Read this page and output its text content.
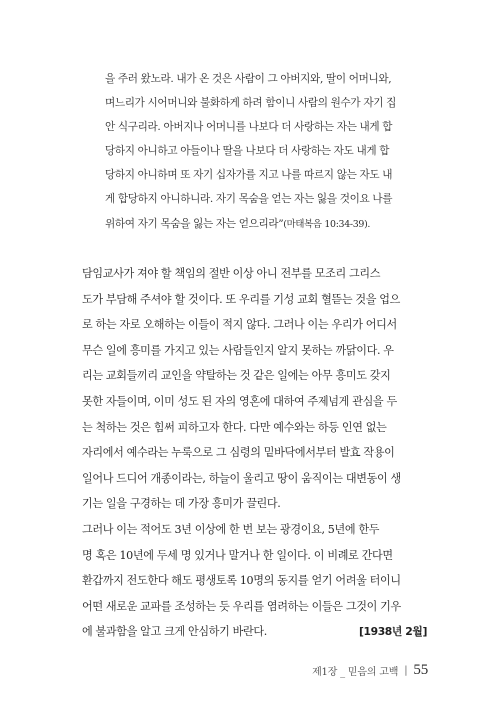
을 주러 왔노라. 내가 온 것은 사람이 그 아버지와, 딸이 어머니와,
며느리가 시어머니와 불화하게 하려 함이니 사람의 원수가 자기 집
안 식구리라. 아버지나 어머니를 나보다 더 사랑하는 자는 내게 합
당하지 아니하고 아들이나 딸을 나보다 더 사랑하는 자도 내게 합
당하지 아니하며 또 자기 십자가를 지고 나를 따르지 않는 자도 내
게 합당하지 아니하니라. 자기 목숨을 얻는 자는 잃을 것이요 나를
위하여 자기 목숨을 잃는 자는 얻으리라”(마태복음 10:34-39).
담임교사가 져야 할 책임의 절반 이상 아니 전부를 모조리 그리스
도가 부담해 주셔야 할 것이다. 또 우리를 기성 교회 혈뜯는 것을 업으
로 하는 자로 오해하는 이들이 적지 않다. 그러나 이는 우리가 어디서
무슨 일에 흥미를 가지고 있는 사람들인지 알지 못하는 까닭이다. 우
리는 교회들끼리 교인을 약탈하는 것 같은 일에는 아무 흥미도 갖지
못한 자들이며, 이미 성도 된 자의 영혼에 대하여 주제넘게 관심을 두
는 척하는 것은 힘써 피하고자 한다. 다만 예수와는 하등 인연 없는
자리에서 예수라는 누룩으로 그 심령의 밑바닥에서부터 발효 작용이
일어나 드디어 개종이라는, 하늘이 울리고 땅이 움직이는 대변동이 생
기는 일을 구경하는 데 가장 흥미가 끌린다.
그러나 이는 적어도 3년 이상에 한 번 보는 광경이요, 5년에 한두
명 혹은 10년에 두세 명 있거나 말거나 한 일이다. 이 비례로 간다면
환갑까지 전도한다 해도 평생토록 10명의 동지를 얻기 어려울 터이니
어떤 새로운 교파를 조성하는 듯 우리를 염려하는 이들은 그것이 기우
에 불과함을 알고 크게 안심하기 바란다.	[1938년 2월]
제1장 _ 믿음의 고백 | 55
